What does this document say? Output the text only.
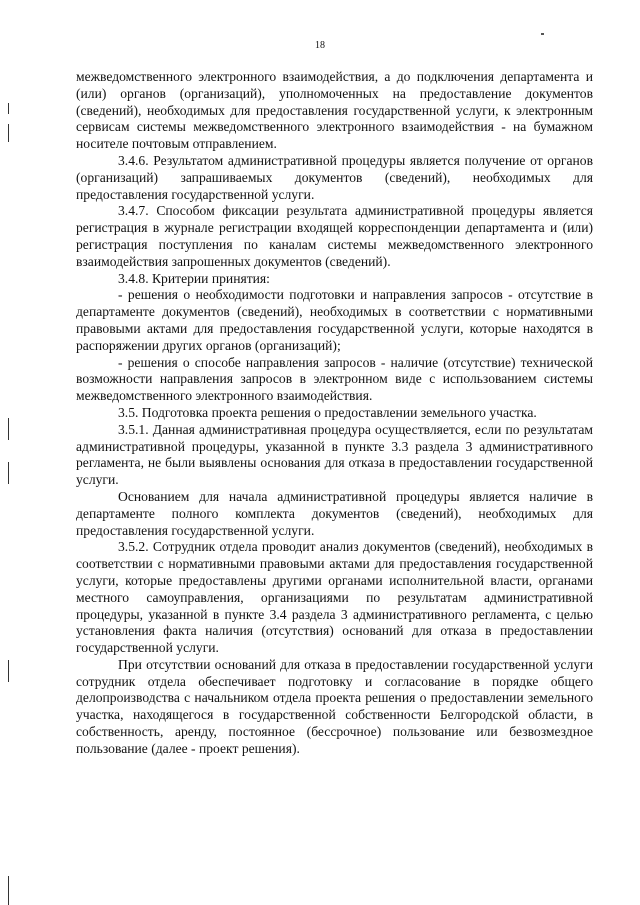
18

межведомственного электронного взаимодействия, а до подключения департамента и (или) органов (организаций), уполномоченных на предоставление документов (сведений), необходимых для предоставления государственной услуги, к электронным сервисам системы межведомственного электронного взаимодействия - на бумажном носителе почтовым отправлением.

3.4.6. Результатом административной процедуры является получение от органов (организаций) запрашиваемых документов (сведений), необходимых для предоставления государственной услуги.

3.4.7. Способом фиксации результата административной процедуры является регистрация в журнале регистрации входящей корреспонденции департамента и (или) регистрация поступления по каналам системы межведомственного электронного взаимодействия запрошенных документов (сведений).

3.4.8. Критерии принятия:

- решения о необходимости подготовки и направления запросов - отсутствие в департаменте документов (сведений), необходимых в соответствии с нормативными правовыми актами для предоставления государственной услуги, которые находятся в распоряжении других органов (организаций);

- решения о способе направления запросов - наличие (отсутствие) технической возможности направления запросов в электронном виде с использованием системы межведомственного электронного взаимодействия.

3.5. Подготовка проекта решения о предоставлении земельного участка.

3.5.1. Данная административная процедура осуществляется, если по результатам административной процедуры, указанной в пункте 3.3 раздела 3 административного регламента, не были выявлены основания для отказа в предоставлении государственной услуги.

Основанием для начала административной процедуры является наличие в департаменте полного комплекта документов (сведений), необходимых для предоставления государственной услуги.

3.5.2. Сотрудник отдела проводит анализ документов (сведений), необходимых в соответствии с нормативными правовыми актами для предоставления государственной услуги, которые предоставлены другими органами исполнительной власти, органами местного самоуправления, организациями по результатам административной процедуры, указанной в пункте 3.4 раздела 3 административного регламента, с целью установления факта наличия (отсутствия) оснований для отказа в предоставлении государственной услуги.

При отсутствии оснований для отказа в предоставлении государственной услуги сотрудник отдела обеспечивает подготовку и согласование в порядке общего делопроизводства с начальником отдела проекта решения о предоставлении земельного участка, находящегося в государственной собственности Белгородской области, в собственность, аренду, постоянное (бессрочное) пользование или безвозмездное пользование (далее - проект решения).
